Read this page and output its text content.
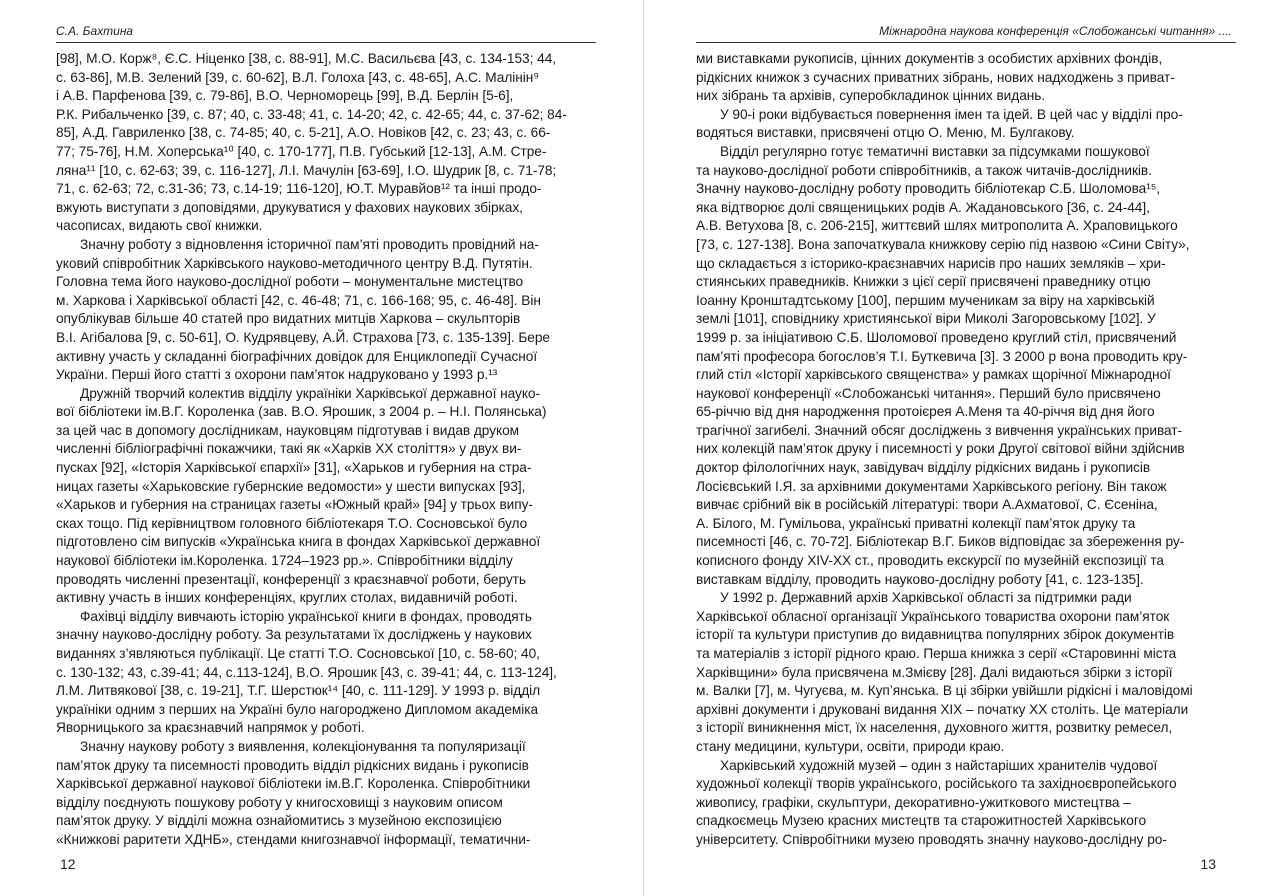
С.А. Бахтина
[98], М.О. Корж⁸, Є.С. Ніценко [38, с. 88-91], М.С. Васильєва [43, с. 134-153; 44,
с. 63-86], М.В. Зелений [39, с. 60-62], В.Л. Голоха [43, с. 48-65], А.С. Малінін⁹
і А.В. Парфенова [39, с. 79-86], В.О. Черноморець [99], В.Д. Берлін [5-6],
Р.К. Рибальченко [39, с. 87; 40, с. 33-48; 41, с. 14-20; 42, с. 42-65; 44, с. 37-62; 84-
85], А.Д. Гавриленко [38, с. 74-85; 40, с. 5-21], А.О. Новіков [42, с. 23; 43, с. 66-
77; 75-76], Н.М. Хоперська¹⁰ [40, с. 170-177], П.В. Губський [12-13], А.М. Стре-
ляна¹¹ [10, с. 62-63; 39, с. 116-127], Л.І. Мачулін [63-69], І.О. Шудрик [8, с. 71-78;
71, с. 62-63; 72, с.31-36; 73, с.14-19; 116-120], Ю.Т. Муравйов¹² та інші продо-
вжують виступати з доповідями, друкуватися у фахових наукових збірках,
часописах, видають свої книжки.
Значну роботу з відновлення історичної пам’яті проводить провідний на-
уковий співробітник Харківського науково-методичного центру В.Д. Путятін.
Головна тема його науково-дослідної роботи – монументальне мистецтво
м. Харкова і Харківської області [42, с. 46-48; 71, с. 166-168; 95, с. 46-48]. Він
опублікував більше 40 статей про видатних митців Харкова – скульпторів
В.І. Агібалова [9, с. 50-61], О. Кудрявцеву, А.Й. Страхова [73, с. 135-139]. Бере
активну участь у складанні біографічних довідок для Енциклопедії Сучасної
України. Перші його статті з охорони пам’яток надруковано у 1993 р.¹³
Дружній творчий колектив відділу україніки Харківської державної науко-
вої бібліотеки ім.В.Г. Короленка (зав. В.О. Ярошик, з 2004 р. – Н.І. Полянська)
за цей час в допомогу дослідникам, науковцям підготував і видав друком
численні бібліографічні покажчики, такі як «Харків XX століття» у двух ви-
пусках [92], «Історія Харківської єпархії» [31], «Харьков и губерния на стра-
ницах газеты «Харьковские губернские ведомости» у шести випусках [93],
«Харьков и губерния на страницах газеты «Южный край» [94] у трьох випу-
сках тощо. Під керівництвом головного бібліотекаря Т.О. Сосновської було
підготовлено сім випусків «Українська книга в фондах Харківської державної
наукової бібліотеки ім.Короленка. 1724–1923 рр.». Співробітники відділу
проводять численні презентації, конференції з краєзнавчої роботи, беруть
активну участь в інших конференціях, круглих столах, видавничій роботі.
Фахівці відділу вивчають історію української книги в фондах, проводять
значну науково-дослідну роботу. За результатами їх досліджень у наукових
виданнях з’являються публікації. Це статті Т.О. Сосновської [10, с. 58-60; 40,
с. 130-132; 43, с.39-41; 44, с.113-124], В.О. Ярошик [43, с. 39-41; 44, с. 113-124],
Л.М. Литвякової [38, с. 19-21], Т.Г. Шерстюк¹⁴ [40, с. 111-129]. У 1993 р. відділ
україніки одним з перших на Україні було нагороджено Дипломом академіка
Яворницького за краєзнавчий напрямок у роботі.
Значну наукову роботу з виявлення, колекціонування та популяризації
пам’яток друку та писемності проводить відділ рідкісних видань і рукописів
Харківської державної наукової бібліотеки ім.В.Г. Короленка. Співробітники
відділу поєднують пошукову роботу у книгосховищі з науковим описом
пам’яток друку. У відділі можна ознайомитись з музейною експозицією
«Книжкові раритети ХДНБ», стендами книгознавчої інформації, тематични-
12
Міжнародна наукова конференція «Слобожанські читання» ....
ми виставками рукописів, цінних документів з особистих архівних фондів,
рідкісних книжок з сучасних приватних зібрань, нових надходжень з приват-
них зібрань та архівів, суперобкладинок цінних видань.
У 90-і роки відбувається повернення імен та ідей. В цей час у відділі про-
водяться виставки, присвячені отцю О. Меню, М. Булгакову.
Відділ регулярно готує тематичні виставки за підсумками пошукової
та науково-дослідної роботи співробітників, а також читачів-дослідників.
Значну науково-дослідну роботу проводить бібліотекар С.Б. Шоломова¹⁵,
яка відтворює долі священицьких родів А. Жадановського [36, с. 24-44],
А.В. Ветухова [8, с. 206-215], життєвий шлях митрополита А. Храповицького
[73, с. 127-138]. Вона започаткувала книжкову серію під назвою «Сини Світу»,
що складається з історико-краєзнавчих нарисів про наших земляків – хри-
стиянських праведників. Книжки з цієї серії присвячені праведнику отцю
Іоанну Кронштадтському [100], першим мученикам за віру на харківській
землі [101], сповіднику християнської віри Миколі Загоровському [102]. У
1999 р. за ініціативою С.Б. Шоломової проведено круглий стіл, присвячений
пам’яті професора богослов’я Т.І. Буткевича [3]. З 2000 р вона проводить кру-
глий стіл «Історії харківського священства» у рамках щорічної Міжнародної
наукової конференції «Слобожанські читання». Перший було присвячено
65-річчю від дня народження протоієрея А.Меня та 40-річчя від дня його
трагічної загибелі. Значний обсяг досліджень з вивчення українських приват-
них колекцій пам’яток друку і писемності у роки Другої світової війни здійснив
доктор філологічних наук, завідувач відділу рідкісних видань і рукописів
Лосієвський І.Я. за архівними документами Харківського регіону. Він також
вивчає срібний вік в російській літературі: твори А.Ахматової, С. Єсеніна,
А. Білого, М. Гумільова, українські приватні колекції пам’яток друку та
писемності [46, с. 70-72]. Бібліотекар В.Г. Биков відповідає за збереження ру-
кописного фонду XIV-XX ст., проводить екскурсії по музейній експозиції та
виставкам відділу, проводить науково-дослідну роботу [41, с. 123-135].
У 1992 р. Державний архів Харківської області за підтримки ради
Харківської обласної організації Українського товариства охорони пам’яток
історії та культури приступив до видавництва популярних збірок документів
та матеріалів з історії рідного краю. Перша книжка з серії «Старовинні міста
Харківщини» була присвячена м.Змієву [28]. Далі видаються збірки з історії
м. Валки [7], м. Чугуєва, м. Куп’янська. В ці збірки увійшли рідкісні і маловідомі
архівні документи і друковані видання XIX – початку XX століть. Це матеріали
з історії виникнення міст, їх населення, духовного життя, розвитку ремесел,
стану медицини, культури, освіти, природи краю.
Харківський художній музей – один з найстаріших хранителів чудової
художньої колекції творів українського, російського та західноєвропейського
живопису, графіки, скульптури, декоративно-ужиткового мистецтва –
спадкоємець Музею красних мистецтв та старожитностей Харківського
університету. Співробітники музею проводять значну науково-дослідну ро-
13
